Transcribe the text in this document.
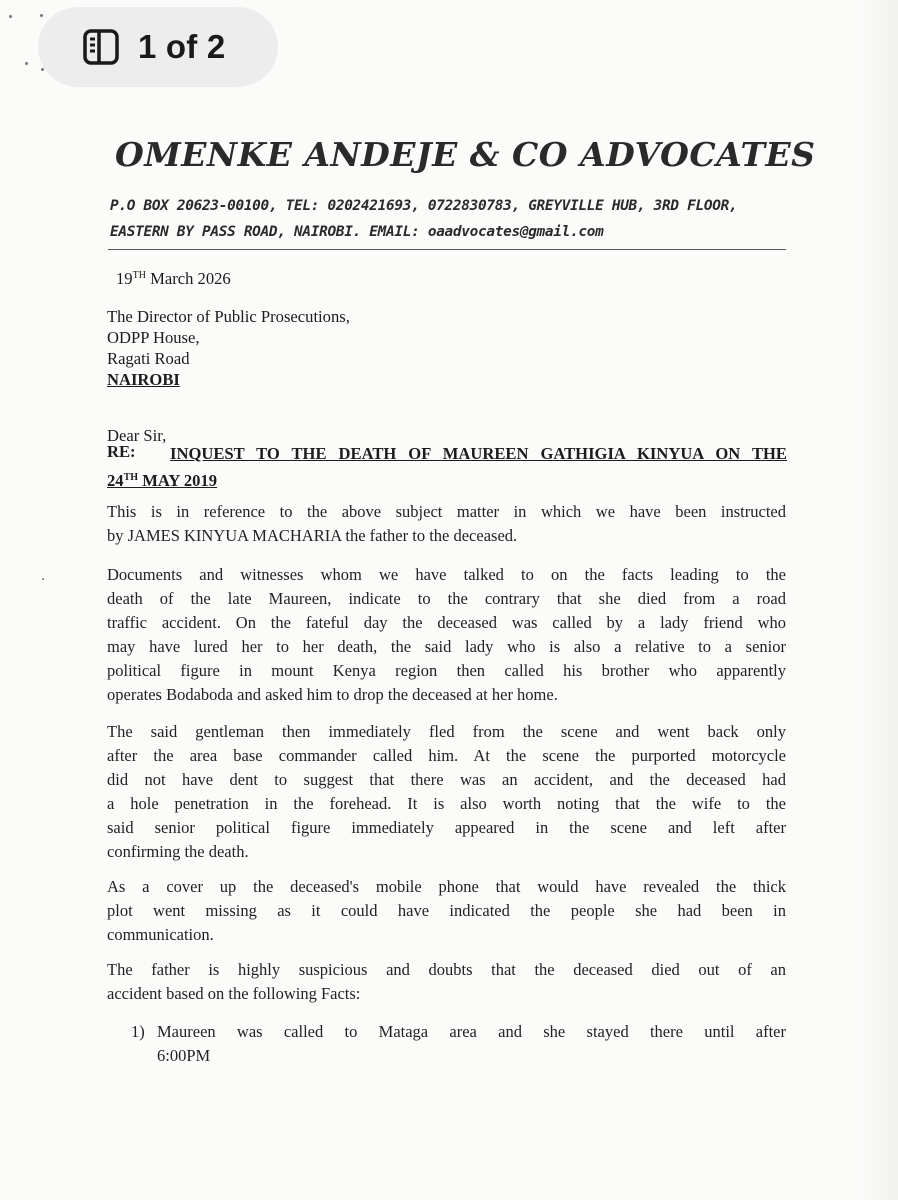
1 of 2
OMENKE ANDEJE & CO ADVOCATES
P.O BOX 20623-00100, TEL: 0202421693, 0722830783, GREYVILLE HUB, 3RD FLOOR,
EASTERN BY PASS ROAD, NAIROBI. EMAIL: oaadvocates@gmail.com
19TH March 2026
The Director of Public Prosecutions,
ODPP House,
Ragati Road
NAIROBI
Dear Sir,
RE:	INQUEST TO THE DEATH OF MAUREEN GATHIGIA KINYUA ON THE
24TH MAY 2019
This is in reference to the above subject matter in which we have been instructed
by JAMES KINYUA MACHARIA the father to the deceased.
Documents and witnesses whom we have talked to on the facts leading to the
death of the late Maureen, indicate to the contrary that she died from a road
traffic accident. On the fateful day the deceased was called by a lady friend who
may have lured her to her death, the said lady who is also a relative to a senior
political figure in mount Kenya region then called his brother who apparently
operates Bodaboda and asked him to drop the deceased at her home.
The said gentleman then immediately fled from the scene and went back only
after the area base commander called him. At the scene the purported motorcycle
did not have dent to suggest that there was an accident, and the deceased had
a hole penetration in the forehead. It is also worth noting that the wife to the
said senior political figure immediately appeared in the scene and left after
confirming the death.
As a cover up the deceased's mobile phone that would have revealed the thick
plot went missing as it could have indicated the people she had been in
communication.
The father is highly suspicious and doubts that the deceased died out of an
accident based on the following Facts:
1) Maureen was called to Mataga area and she stayed there until after
6:00PM
